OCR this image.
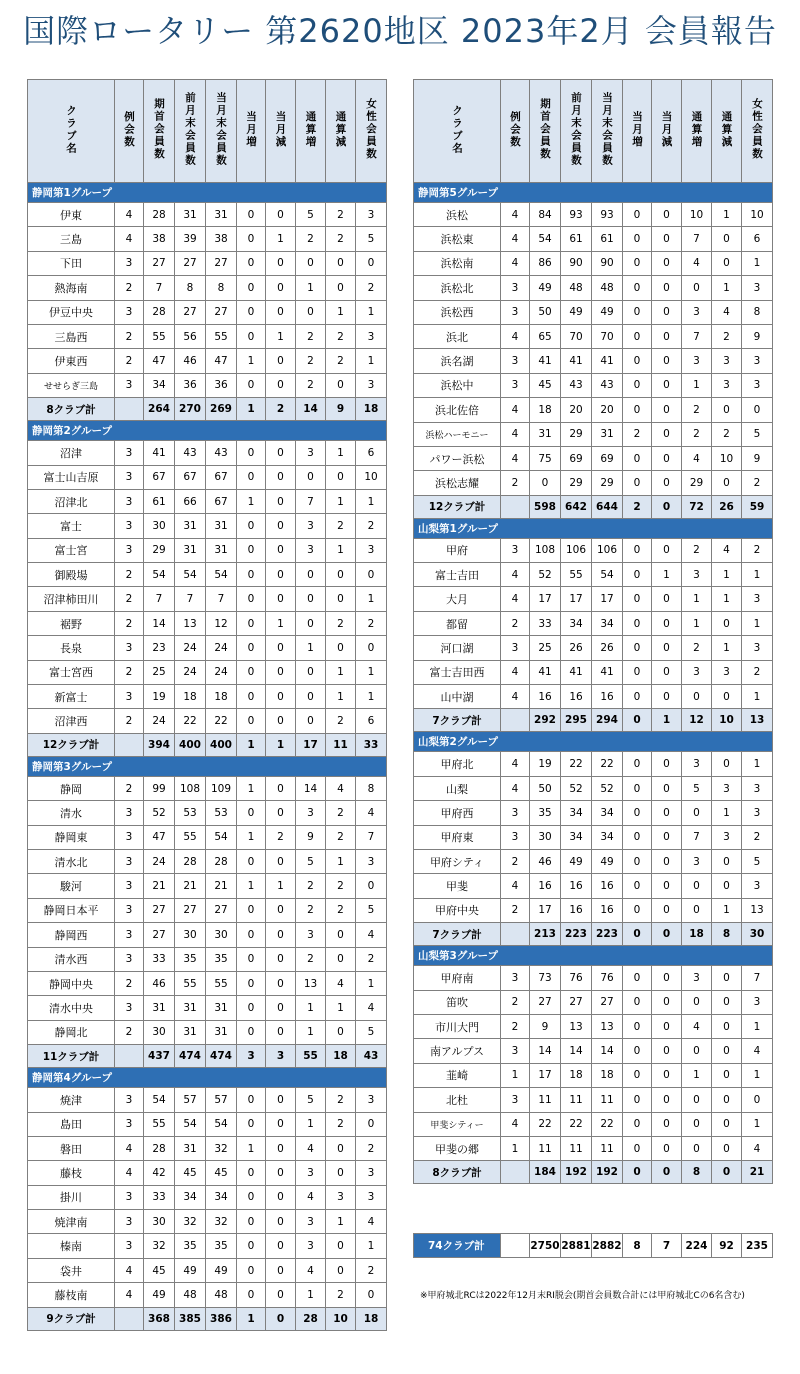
国際ロータリー 第2620地区 2023年2月 会員報告
クラブ名	例会数	期首会員数	前月末会員数	当月末会員数	当月増	当月減	通算増	通算減	女性会員数
静岡第1グループ									
伊東	4	28	31	31	0	0	5	2	3
三島	4	38	39	38	0	1	2	2	5
下田	3	27	27	27	0	0	0	0	0
熱海南	2	7	8	8	0	0	1	0	2
伊豆中央	3	28	27	27	0	0	0	1	1
三島西	2	55	56	55	0	1	2	2	3
伊東西	2	47	46	47	1	0	2	2	1
せせらぎ三島	3	34	36	36	0	0	2	0	3
8クラブ計		264	270	269	1	2	14	9	18
静岡第2グループ									
沼津	3	41	43	43	0	0	3	1	6
富士山吉原	3	67	67	67	0	0	0	0	10
沼津北	3	61	66	67	1	0	7	1	1
富士	3	30	31	31	0	0	3	2	2
富士宮	3	29	31	31	0	0	3	1	3
御殿場	2	54	54	54	0	0	0	0	0
沼津柿田川	2	7	7	7	0	0	0	0	1
裾野	2	14	13	12	0	1	0	2	2
長泉	3	23	24	24	0	0	1	0	0
富士宮西	2	25	24	24	0	0	0	1	1
新富士	3	19	18	18	0	0	0	1	1
沼津西	2	24	22	22	0	0	0	2	6
12クラブ計		394	400	400	1	1	17	11	33
静岡第3グループ									
静岡	2	99	108	109	1	0	14	4	8
清水	3	52	53	53	0	0	3	2	4
静岡東	3	47	55	54	1	2	9	2	7
清水北	3	24	28	28	0	0	5	1	3
駿河	3	21	21	21	1	1	2	2	0
静岡日本平	3	27	27	27	0	0	2	2	5
静岡西	3	27	30	30	0	0	3	0	4
清水西	3	33	35	35	0	0	2	0	2
静岡中央	2	46	55	55	0	0	13	4	1
清水中央	3	31	31	31	0	0	1	1	4
静岡北	2	30	31	31	0	0	1	0	5
11クラブ計		437	474	474	3	3	55	18	43
静岡第4グループ									
焼津	3	54	57	57	0	0	5	2	3
島田	3	55	54	54	0	0	1	2	0
磐田	4	28	31	32	1	0	4	0	2
藤枝	4	42	45	45	0	0	3	0	3
掛川	3	33	34	34	0	0	4	3	3
焼津南	3	30	32	32	0	0	3	1	4
榛南	3	32	35	35	0	0	3	0	1
袋井	4	45	49	49	0	0	4	0	2
藤枝南	4	49	48	48	0	0	1	2	0
9クラブ計		368	385	386	1	0	28	10	18
クラブ名	例会数	期首会員数	前月末会員数	当月末会員数	当月増	当月減	通算増	通算減	女性会員数
静岡第5グループ									
浜松	4	84	93	93	0	0	10	1	10
浜松東	4	54	61	61	0	0	7	0	6
浜松南	4	86	90	90	0	0	4	0	1
浜松北	3	49	48	48	0	0	0	1	3
浜松西	3	50	49	49	0	0	3	4	8
浜北	4	65	70	70	0	0	7	2	9
浜名湖	3	41	41	41	0	0	3	3	3
浜松中	3	45	43	43	0	0	1	3	3
浜北佐倍	4	18	20	20	0	0	2	0	0
浜松ハーモニー	4	31	29	31	2	0	2	2	5
パワー浜松	4	75	69	69	0	0	4	10	9
浜松志耀	2	0	29	29	0	0	29	0	2
12クラブ計		598	642	644	2	0	72	26	59
山梨第1グループ									
甲府	3	108	106	106	0	0	2	4	2
富士吉田	4	52	55	54	0	1	3	1	1
大月	4	17	17	17	0	0	1	1	3
都留	2	33	34	34	0	0	1	0	1
河口湖	3	25	26	26	0	0	2	1	3
富士吉田西	4	41	41	41	0	0	3	3	2
山中湖	4	16	16	16	0	0	0	0	1
7クラブ計		292	295	294	0	1	12	10	13
山梨第2グループ									
甲府北	4	19	22	22	0	0	3	0	1
山梨	4	50	52	52	0	0	5	3	3
甲府西	3	35	34	34	0	0	0	1	3
甲府東	3	30	34	34	0	0	7	3	2
甲府シティ	2	46	49	49	0	0	3	0	5
甲斐	4	16	16	16	0	0	0	0	3
甲府中央	2	17	16	16	0	0	0	1	13
7クラブ計		213	223	223	0	0	18	8	30
山梨第3グループ									
甲府南	3	73	76	76	0	0	3	0	7
笛吹	2	27	27	27	0	0	0	0	3
市川大門	2	9	13	13	0	0	4	0	1
南アルプス	3	14	14	14	0	0	0	0	4
韮崎	1	17	18	18	0	0	1	0	1
北杜	3	11	11	11	0	0	0	0	0
甲斐シティー	4	22	22	22	0	0	0	0	1
甲斐の郷	1	11	11	11	0	0	0	0	4
8クラブ計		184	192	192	0	0	8	0	21
74クラブ計		2750	2881	2882	8	7	224	92	235
※甲府城北RCは2022年12月末RI脱会(期首会員数合計には甲府城北Cの6名含む)
